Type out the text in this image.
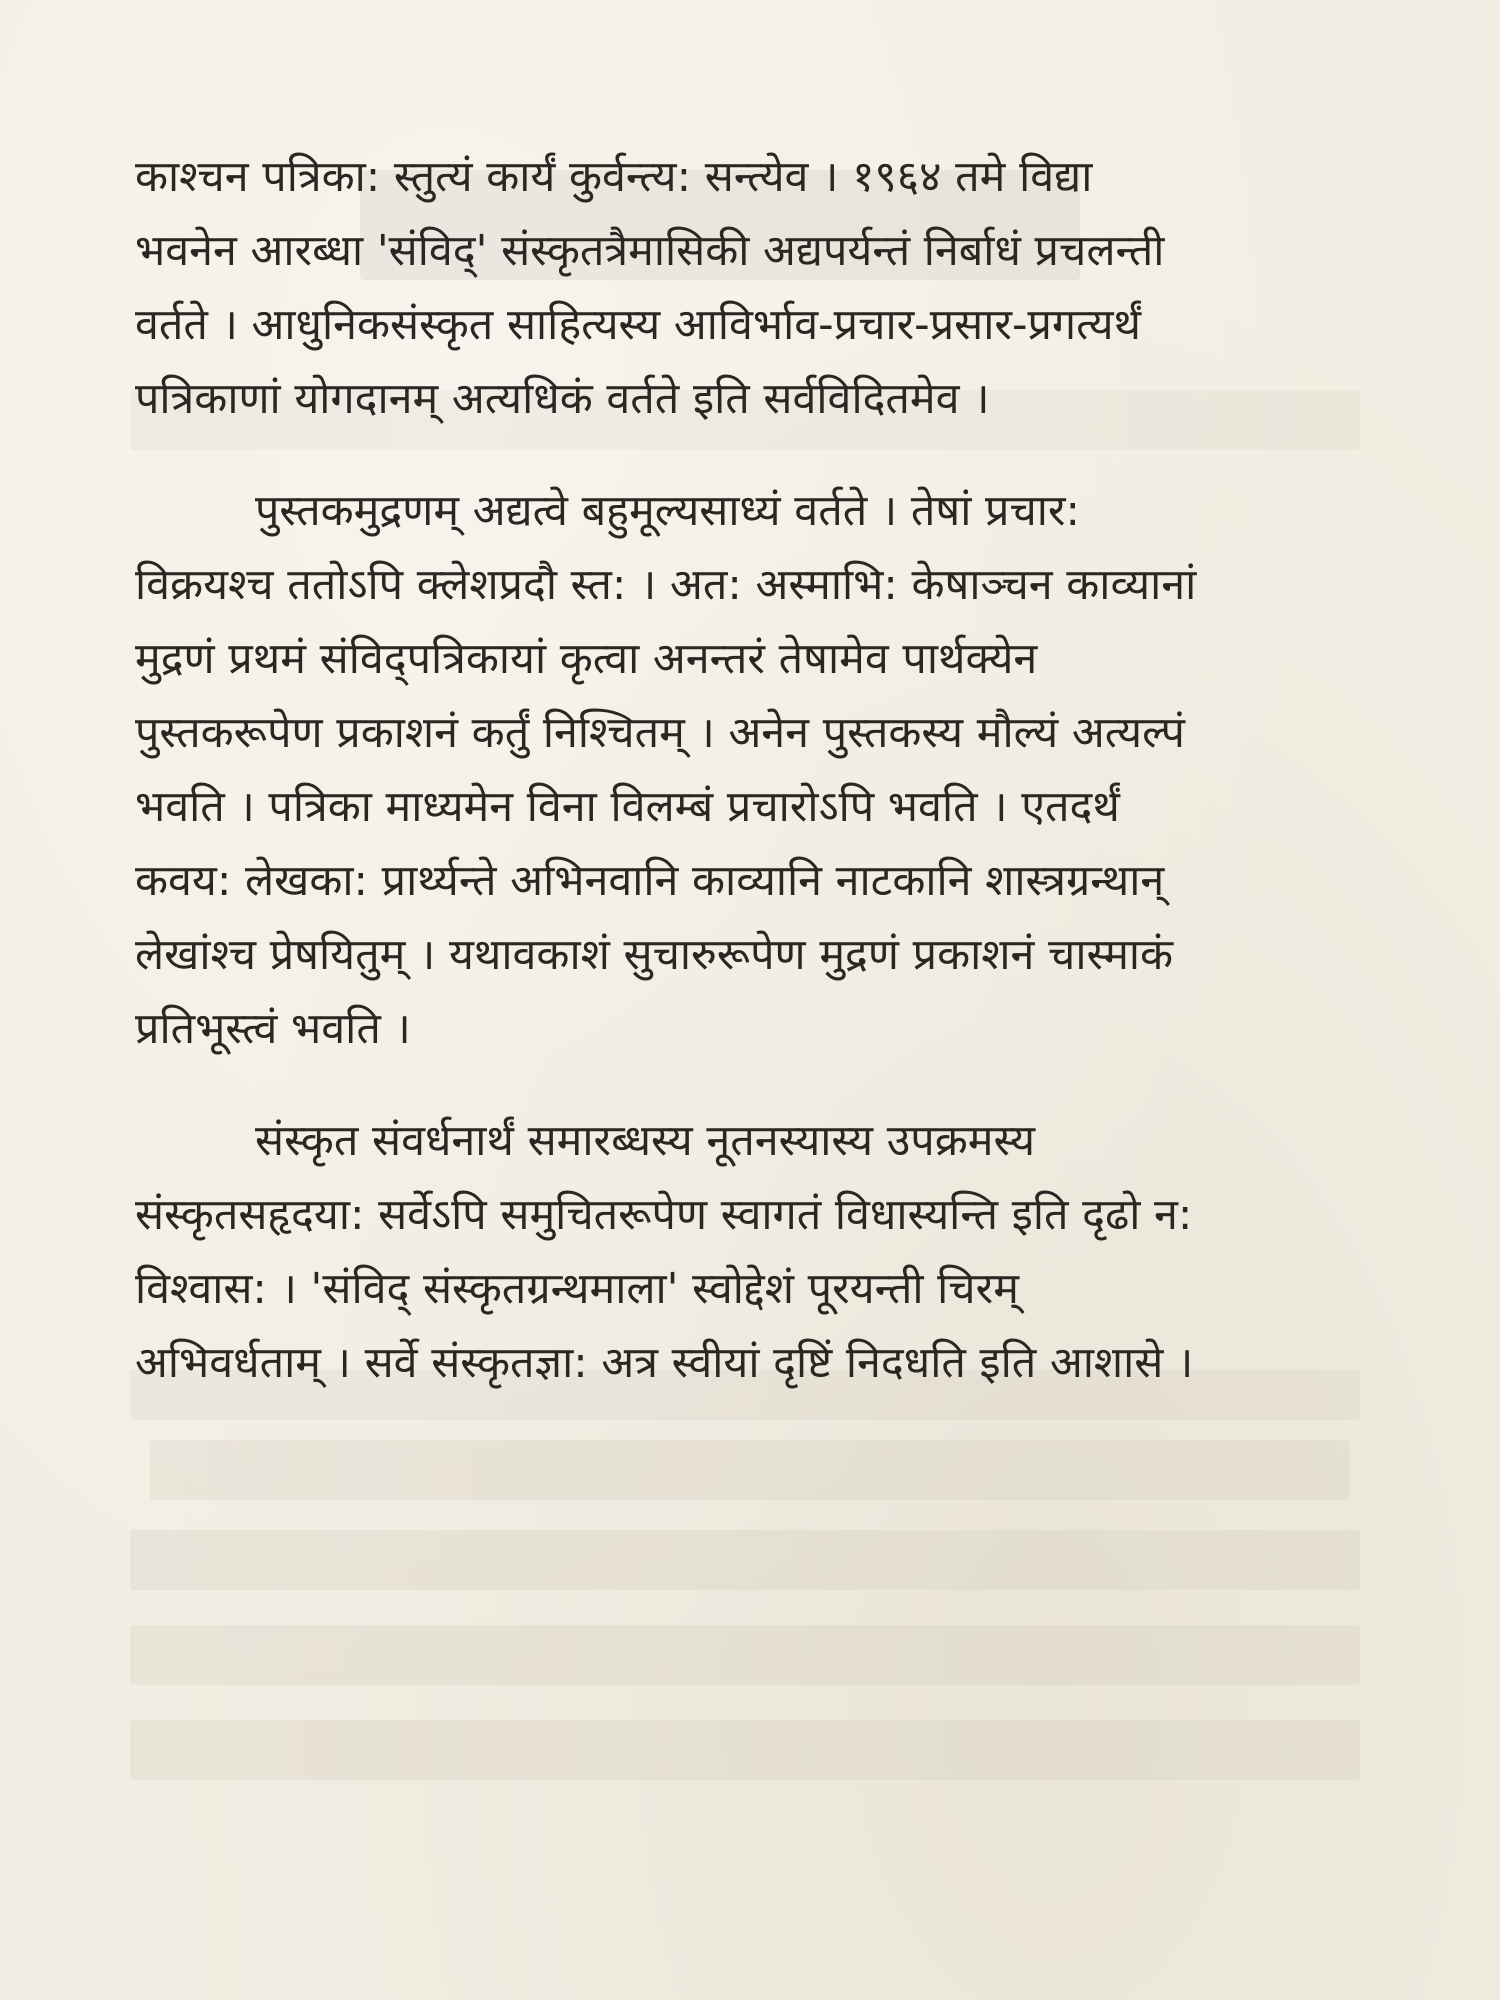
काश्चन पत्रिका: स्तुत्यं कार्यं कुर्वन्त्य: सन्त्येव । १९६४ तमे विद्या
भवनेन आरब्धा 'संविद्' संस्कृतत्रैमासिकी अद्यपर्यन्तं निर्बाधं प्रचलन्ती
वर्तते । आधुनिकसंस्कृत साहित्यस्य आविर्भाव-प्रचार-प्रसार-प्रगत्यर्थं
पत्रिकाणां योगदानम् अत्यधिकं वर्तते इति सर्वविदितमेव ।

पुस्तकमुद्रणम् अद्यत्वे बहुमूल्यसाध्यं वर्तते । तेषां प्रचार:
विक्रयश्च ततोऽपि क्लेशप्रदौ स्त: । अत: अस्माभि: केषाञ्चन काव्यानां
मुद्रणं प्रथमं संविद्पत्रिकायां कृत्वा अनन्तरं तेषामेव पार्थक्येन
पुस्तकरूपेण प्रकाशनं कर्तुं निश्चितम् । अनेन पुस्तकस्य मौल्यं अत्यल्पं
भवति । पत्रिका माध्यमेन विना विलम्बं प्रचारोऽपि भवति । एतदर्थं
कवय: लेखका: प्रार्थ्यन्ते अभिनवानि काव्यानि नाटकानि शास्त्रग्रन्थान्
लेखांश्च प्रेषयितुम् । यथावकाशं सुचारुरूपेण मुद्रणं प्रकाशनं चास्माकं
प्रतिभूस्त्वं भवति ।

संस्कृत संवर्धनार्थं समारब्धस्य नूतनस्यास्य उपक्रमस्य
संस्कृतसहृदया: सर्वेऽपि समुचितरूपेण स्वागतं विधास्यन्ति इति दृढो न:
विश्वास: । 'संविद् संस्कृतग्रन्थमाला' स्वोद्देशं पूरयन्ती चिरम्
अभिवर्धताम् । सर्वे संस्कृतज्ञा: अत्र स्वीयां दृष्टिं निदधति इति आशासे ।
